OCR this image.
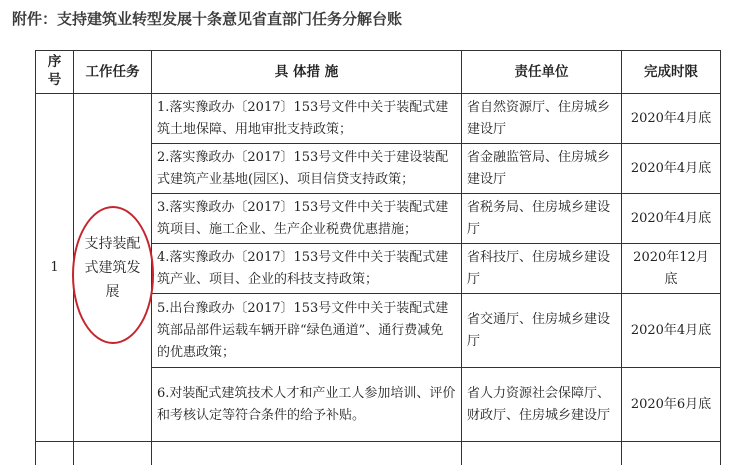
附件：支持建筑业转型发展十条意见省直部门任务分解台账
序号	工作任务	具 体措 施	责任单位	完成时限
1	支持装配式建筑发展	1.落实豫政办〔2017〕153号文件中关于装配式建筑土地保障、用地审批支持政策；	省自然资源厅、住房城乡建设厅	2020年4月底
		2.落实豫政办〔2017〕153号文件中关于建设装配式建筑产业基地(园区)、项目信贷支持政策；	省金融监管局、住房城乡建设厅	2020年4月底
		3.落实豫政办〔2017〕153号文件中关于装配式建筑项目、施工企业、生产企业税费优惠措施；	省税务局、住房城乡建设厅	2020年4月底
		4.落实豫政办〔2017〕153号文件中关于装配式建筑产业、项目、企业的科技支持政策；	省科技厅、住房城乡建设厅	2020年12月底
		5.出台豫政办〔2017〕153号文件中关于装配式建筑部品部件运载车辆开辟“绿色通道”、通行费减免的优惠政策；	省交通厅、住房城乡建设厅	2020年4月底
		6.对装配式建筑技术人才和产业工人参加培训、评价和考核认定等符合条件的给予补贴。	省人力资源社会保障厅、财政厅、住房城乡建设厅	2020年6月底
